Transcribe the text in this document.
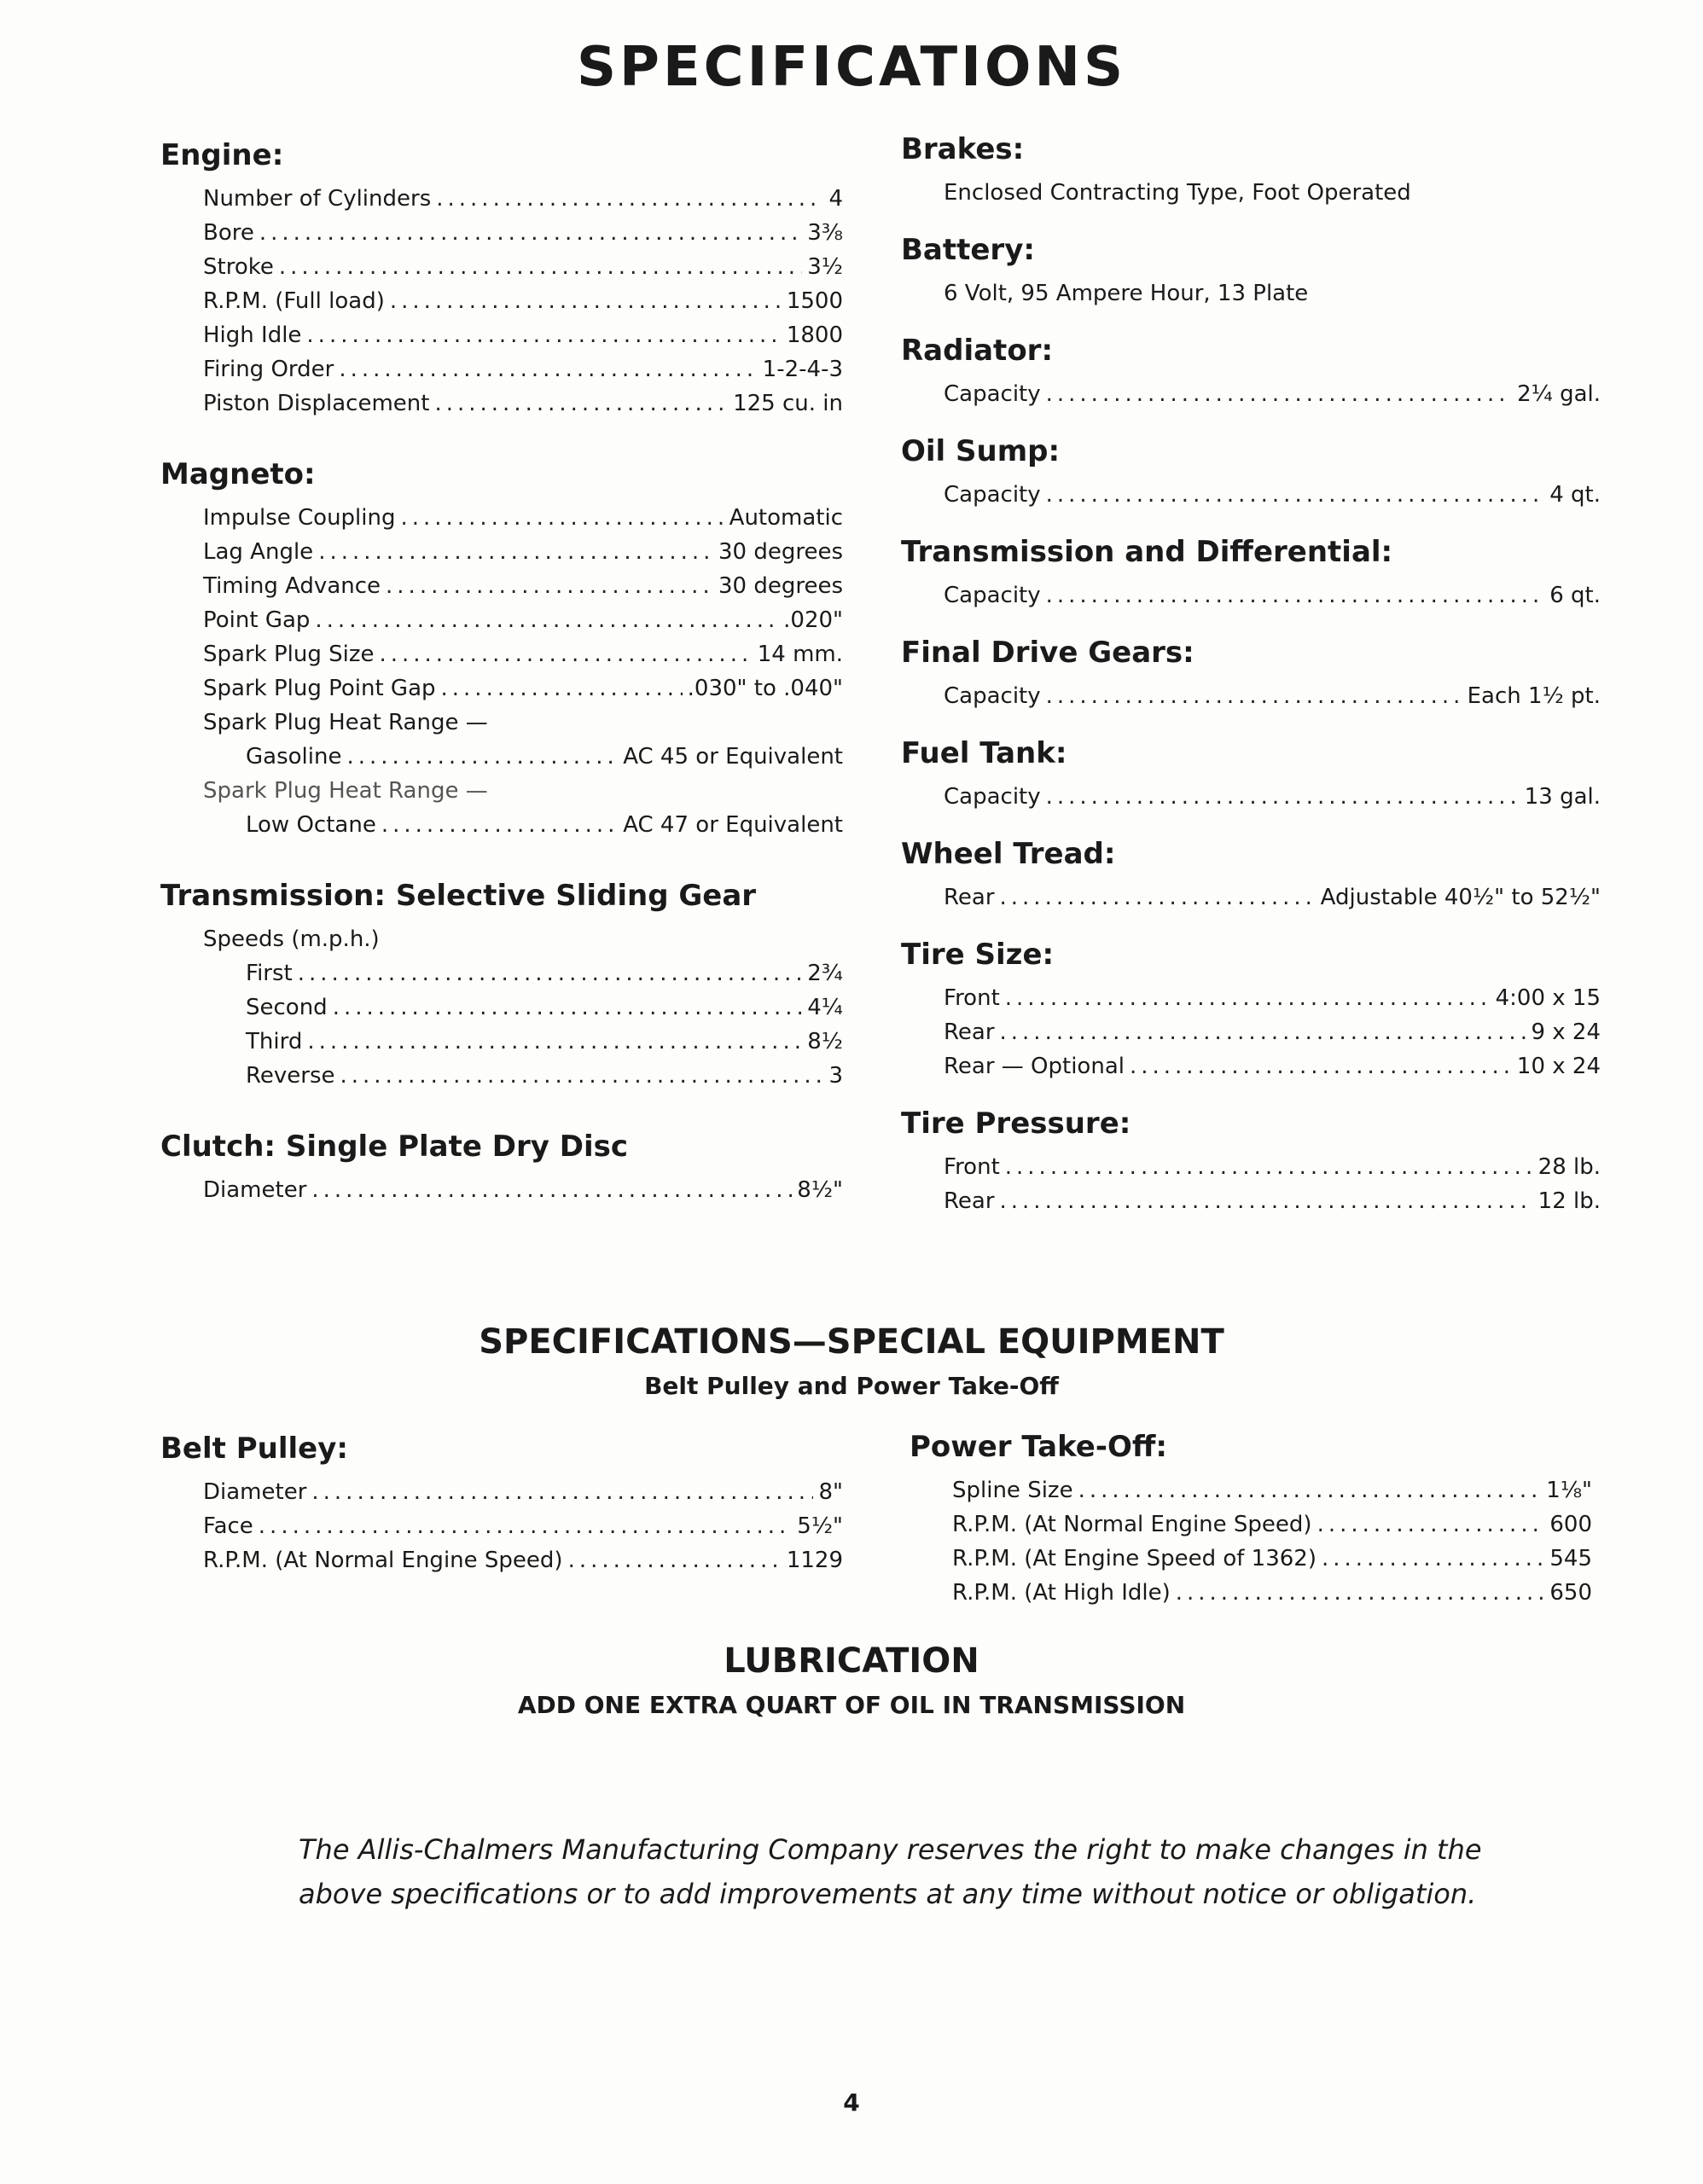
SPECIFICATIONS
Engine:
Number of Cylinders .....	4
Bore .....	3⅜
Stroke .....	3½
R.P.M. (Full load) .....	1500
High Idle .....	1800
Firing Order .....	1-2-4-3
Piston Displacement .....	125 cu. in
Magneto:
Impulse Coupling .....	Automatic
Lag Angle .....	30 degrees
Timing Advance .....	30 degrees
Point Gap .....	.020"
Spark Plug Size .....	14 mm.
Spark Plug Point Gap .....	.030" to .040"
Spark Plug Heat Range —
Gasoline .....	AC 45 or Equivalent
Spark Plug Heat Range —
Low Octane .....	AC 47 or Equivalent
Transmission: Selective Sliding Gear
Speeds (m.p.h.)
First .....	2¾
Second .....	4¼
Third .....	8½
Reverse .....	3
Clutch: Single Plate Dry Disc
Diameter .....	8½"
Brakes:
Enclosed Contracting Type, Foot Operated
Battery:
6 Volt, 95 Ampere Hour, 13 Plate
Radiator:
Capacity .....	2¼ gal.
Oil Sump:
Capacity .....	4 qt.
Transmission and Differential:
Capacity .....	6 qt.
Final Drive Gears:
Capacity .....	Each 1½ pt.
Fuel Tank:
Capacity .....	13 gal.
Wheel Tread:
Rear .....	Adjustable 40½" to 52½"
Tire Size:
Front .....	4:00 x 15
Rear .....	9 x 24
Rear — Optional .....	10 x 24
Tire Pressure:
Front .....	28 lb.
Rear .....	12 lb.
SPECIFICATIONS—SPECIAL EQUIPMENT
Belt Pulley and Power Take-Off
Belt Pulley:
Diameter .....	8"
Face .....	5½"
R.P.M. (At Normal Engine Speed) .....	1129
Power Take-Off:
Spline Size .....	1⅛"
R.P.M. (At Normal Engine Speed) .....	600
R.P.M. (At Engine Speed of 1362) .....	545
R.P.M. (At High Idle) .....	650
LUBRICATION
ADD ONE EXTRA QUART OF OIL IN TRANSMISSION
The Allis-Chalmers Manufacturing Company reserves the right to make changes in the above specifications or to add improvements at any time without notice or obligation.
4
